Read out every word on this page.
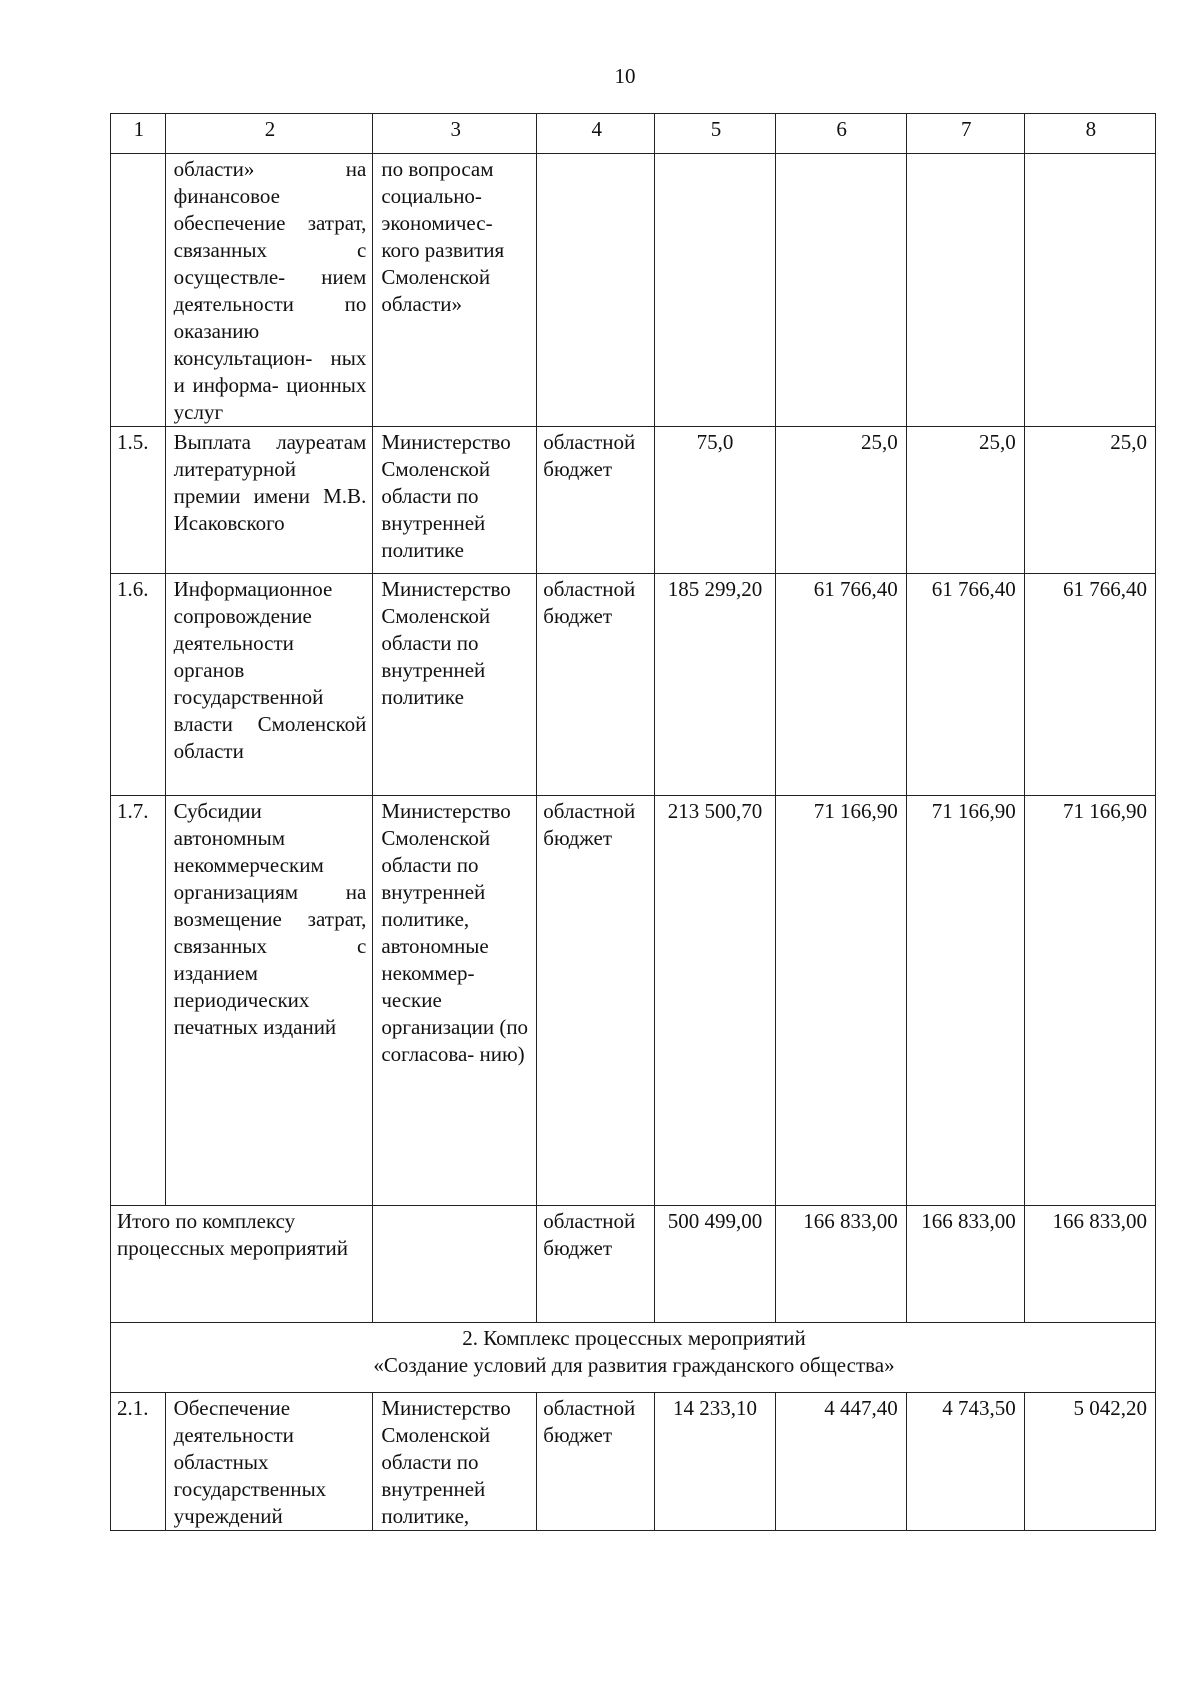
10
1	2	3	4	5	6	7	8
	области» на финансовое обеспечение затрат, связанных с осуществле- нием деятельности по оказанию консультацион- ных и информа- ционных услуг	по вопросам социально- экономичес- кого развития Смоленской области»					
1.5.	Выплата лауреатам литературной премии имени М.В. Исаковского	Министерство Смоленской области по внутренней политике	областной бюджет	75,0	25,0	25,0	25,0
1.6.	Информационное сопровождение деятельности органов государственной власти Смоленской области	Министерство Смоленской области по внутренней политике	областной бюджет	185 299,20	61 766,40	61 766,40	61 766,40
1.7.	Субсидии автономным некоммерческим организациям на возмещение затрат, связанных с изданием периодических печатных изданий	Министерство Смоленской области по внутренней политике, автономные некоммер- ческие организации (по согласова- нию)	областной бюджет	213 500,70	71 166,90	71 166,90	71 166,90
Итого по комплексу процессных мероприятий			областной бюджет	500 499,00	166 833,00	166 833,00	166 833,00

2. Комплекс процессных мероприятий
«Создание условий для развития гражданского общества»							

2.1.	Обеспечение деятельности областных государственных учреждений	Министерство Смоленской области по внутренней политике,	областной бюджет	14 233,10	4 447,40	4 743,50	5 042,20
